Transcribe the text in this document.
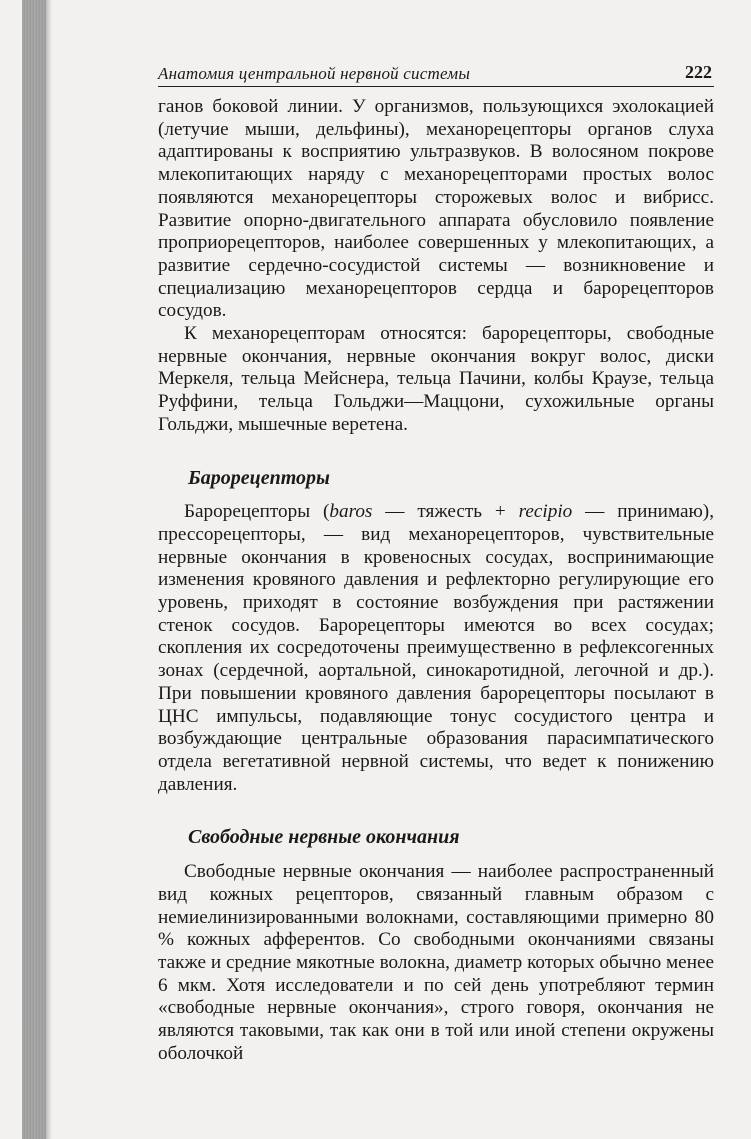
Анатомия центральной нервной системы	222

ганов боковой линии. У организмов, пользующихся эхолокацией (летучие мыши, дельфины), механорецепторы органов слуха адаптированы к восприятию ультразвуков. В волосяном покрове млекопитающих наряду с механорецепторами простых волос появляются механорецепторы сторожевых волос и вибрисс. Развитие опорно-двигательного аппарата обусловило появление проприорецепторов, наиболее совершенных у млекопитающих, а развитие сердечно-сосудистой системы — возникновение и специализацию механорецепторов сердца и барорецепторов сосудов.

К механорецепторам относятся: барорецепторы, свободные нервные окончания, нервные окончания вокруг волос, диски Меркеля, тельца Мейснера, тельца Пачини, колбы Краузе, тельца Руффини, тельца Гольджи—Маццони, сухожильные органы Гольджи, мышечные веретена.

Барорецепторы

Барорецепторы (baros — тяжесть + recipio — принимаю), прессорецепторы, — вид механорецепторов, чувствительные нервные окончания в кровеносных сосудах, воспринимающие изменения кровяного давления и рефлекторно регулирующие его уровень, приходят в состояние возбуждения при растяжении стенок сосудов. Барорецепторы имеются во всех сосудах; скопления их сосредоточены преимущественно в рефлексогенных зонах (сердечной, аортальной, синокаротидной, легочной и др.). При повышении кровяного давления барорецепторы посылают в ЦНС импульсы, подавляющие тонус сосудистого центра и возбуждающие центральные образования парасимпатического отдела вегетативной нервной системы, что ведет к понижению давления.

Свободные нервные окончания

Свободные нервные окончания — наиболее распространенный вид кожных рецепторов, связанный главным образом с немиелинизированными волокнами, составляющими примерно 80 % кожных афферентов. Со свободными окончаниями связаны также и средние мякотные волокна, диаметр которых обычно менее 6 мкм. Хотя исследователи и по сей день употребляют термин «свободные нервные окончания», строго говоря, окончания не являются таковыми, так как они в той или иной степени окружены оболочкой
